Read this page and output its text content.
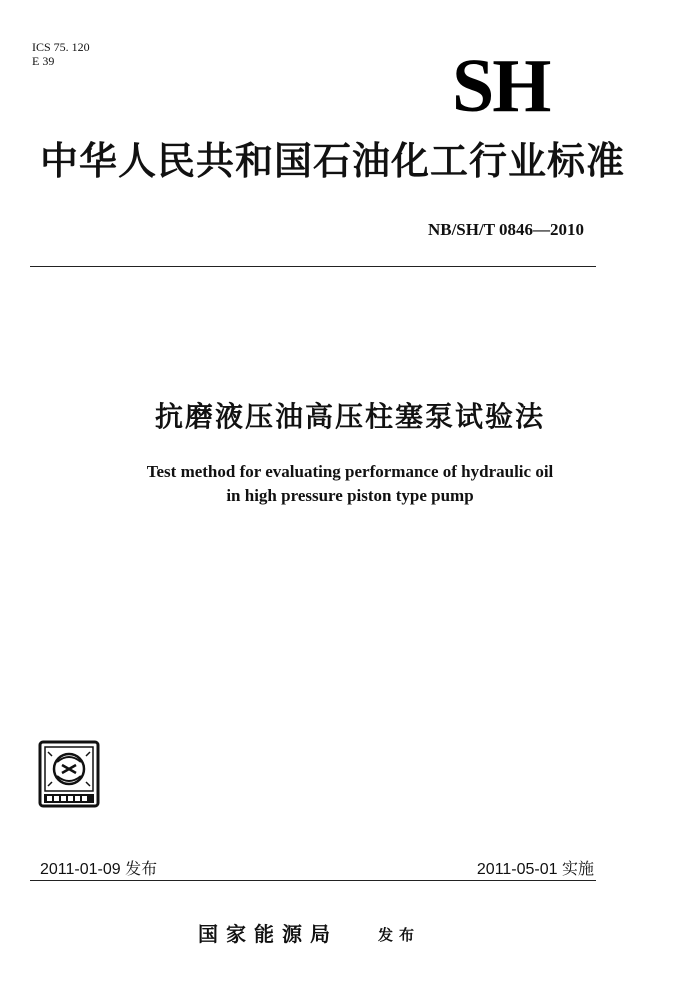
ICS 75. 120
E 39	SH
中华人民共和国石油化工行业标准
NB/SH/T 0846—2010
抗磨液压油高压柱塞泵试验法
Test method for evaluating performance of hydraulic oil
in high pressure piston type pump
2011-01-09 发布	2011-05-01 实施
国家能源局	发布
